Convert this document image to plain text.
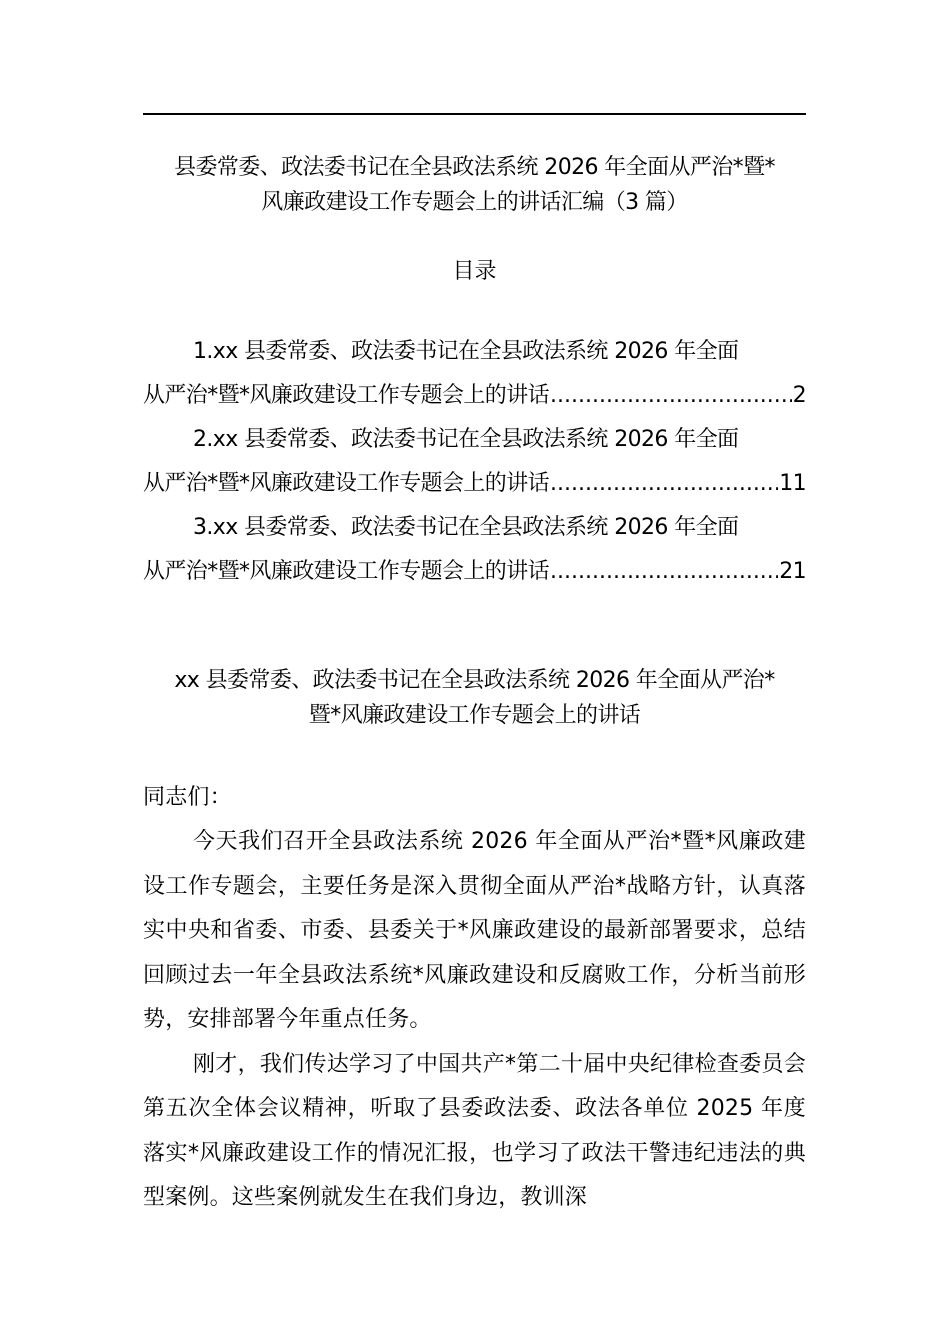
县委常委、政法委书记在全县政法系统 2026 年全面从严治*暨*
风廉政建设工作专题会上的讲话汇编（3 篇）
目录
1.xx 县委常委、政法委书记在全县政法系统 2026 年全面
从严治*暨*风廉政建设工作专题会上的讲话 .....	2
2.xx 县委常委、政法委书记在全县政法系统 2026 年全面
从严治*暨*风廉政建设工作专题会上的讲话 .....	11
3.xx 县委常委、政法委书记在全县政法系统 2026 年全面
从严治*暨*风廉政建设工作专题会上的讲话 .....	21
xx 县委常委、政法委书记在全县政法系统 2026 年全面从严治*
暨*风廉政建设工作专题会上的讲话
同志们：

今天我们召开全县政法系统 2026 年全面从严治*暨*风廉政建设工作专题会，主要任务是深入贯彻全面从严治*战略方针，认真落实中央和省委、市委、县委关于*风廉政建设的最新部署要求，总结回顾过去一年全县政法系统*风廉政建设和反腐败工作，分析当前形势，安排部署今年重点任务。

刚才，我们传达学习了中国共产*第二十届中央纪律检查委员会第五次全体会议精神，听取了县委政法委、政法各单位 2025 年度落实*风廉政建设工作的情况汇报，也学习了政法干警违纪违法的典型案例。这些案例就发生在我们身边，教训深
